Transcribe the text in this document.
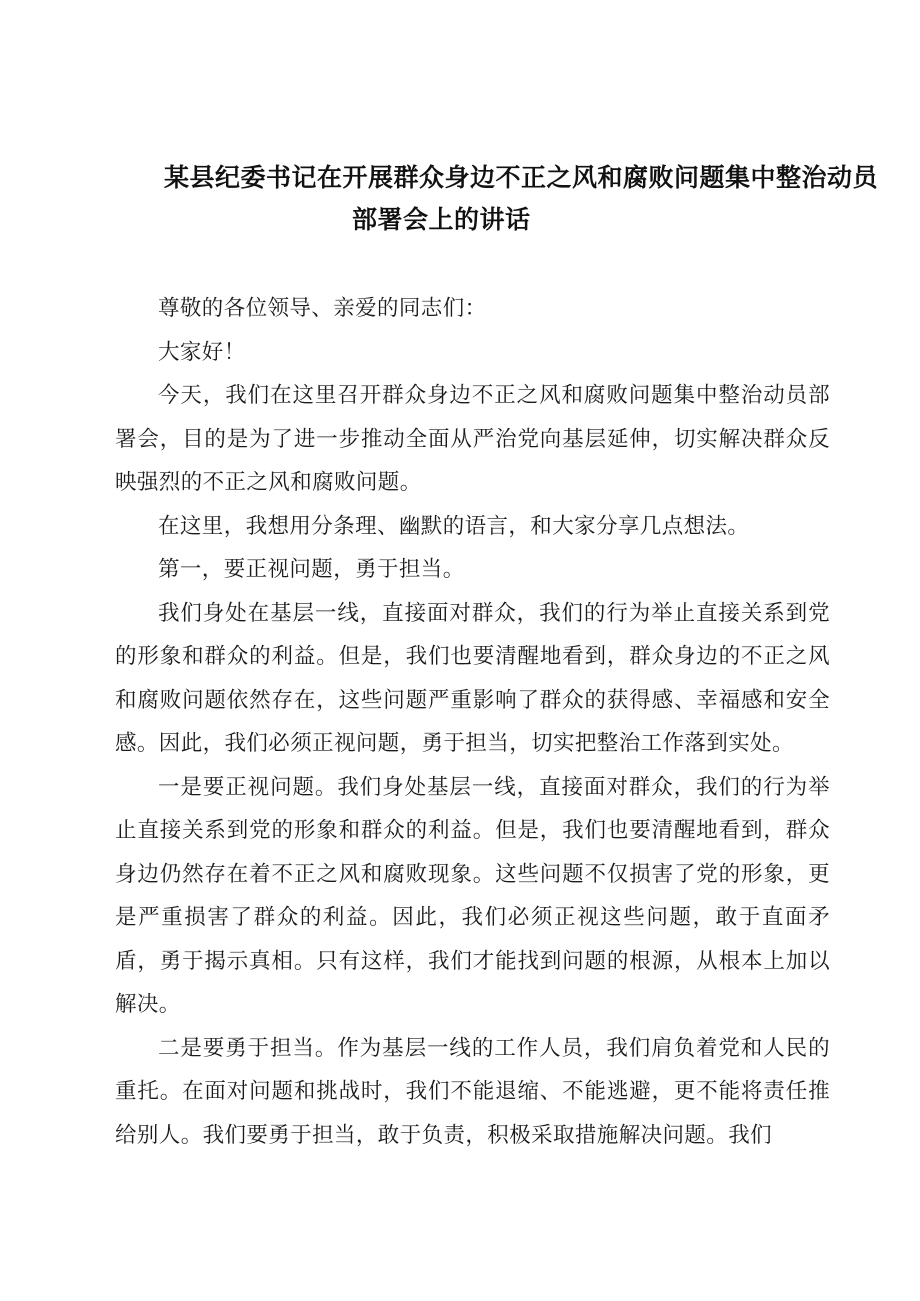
某县纪委书记在开展群众身边不正之风和腐败问题集中整治动员
部署会上的讲话

尊敬的各位领导、亲爱的同志们：

大家好！

今天，我们在这里召开群众身边不正之风和腐败问题集中整治动员部署会，目的是为了进一步推动全面从严治党向基层延伸，切实解决群众反映强烈的不正之风和腐败问题。

在这里，我想用分条理、幽默的语言，和大家分享几点想法。

第一，要正视问题，勇于担当。

我们身处在基层一线，直接面对群众，我们的行为举止直接关系到党的形象和群众的利益。但是，我们也要清醒地看到，群众身边的不正之风和腐败问题依然存在，这些问题严重影响了群众的获得感、幸福感和安全感。因此，我们必须正视问题，勇于担当，切实把整治工作落到实处。

一是要正视问题。我们身处基层一线，直接面对群众，我们的行为举止直接关系到党的形象和群众的利益。但是，我们也要清醒地看到，群众身边仍然存在着不正之风和腐败现象。这些问题不仅损害了党的形象，更是严重损害了群众的利益。因此，我们必须正视这些问题，敢于直面矛盾，勇于揭示真相。只有这样，我们才能找到问题的根源，从根本上加以解决。

二是要勇于担当。作为基层一线的工作人员，我们肩负着党和人民的重托。在面对问题和挑战时，我们不能退缩、不能逃避，更不能将责任推给别人。我们要勇于担当，敢于负责，积极采取措施解决问题。我们
